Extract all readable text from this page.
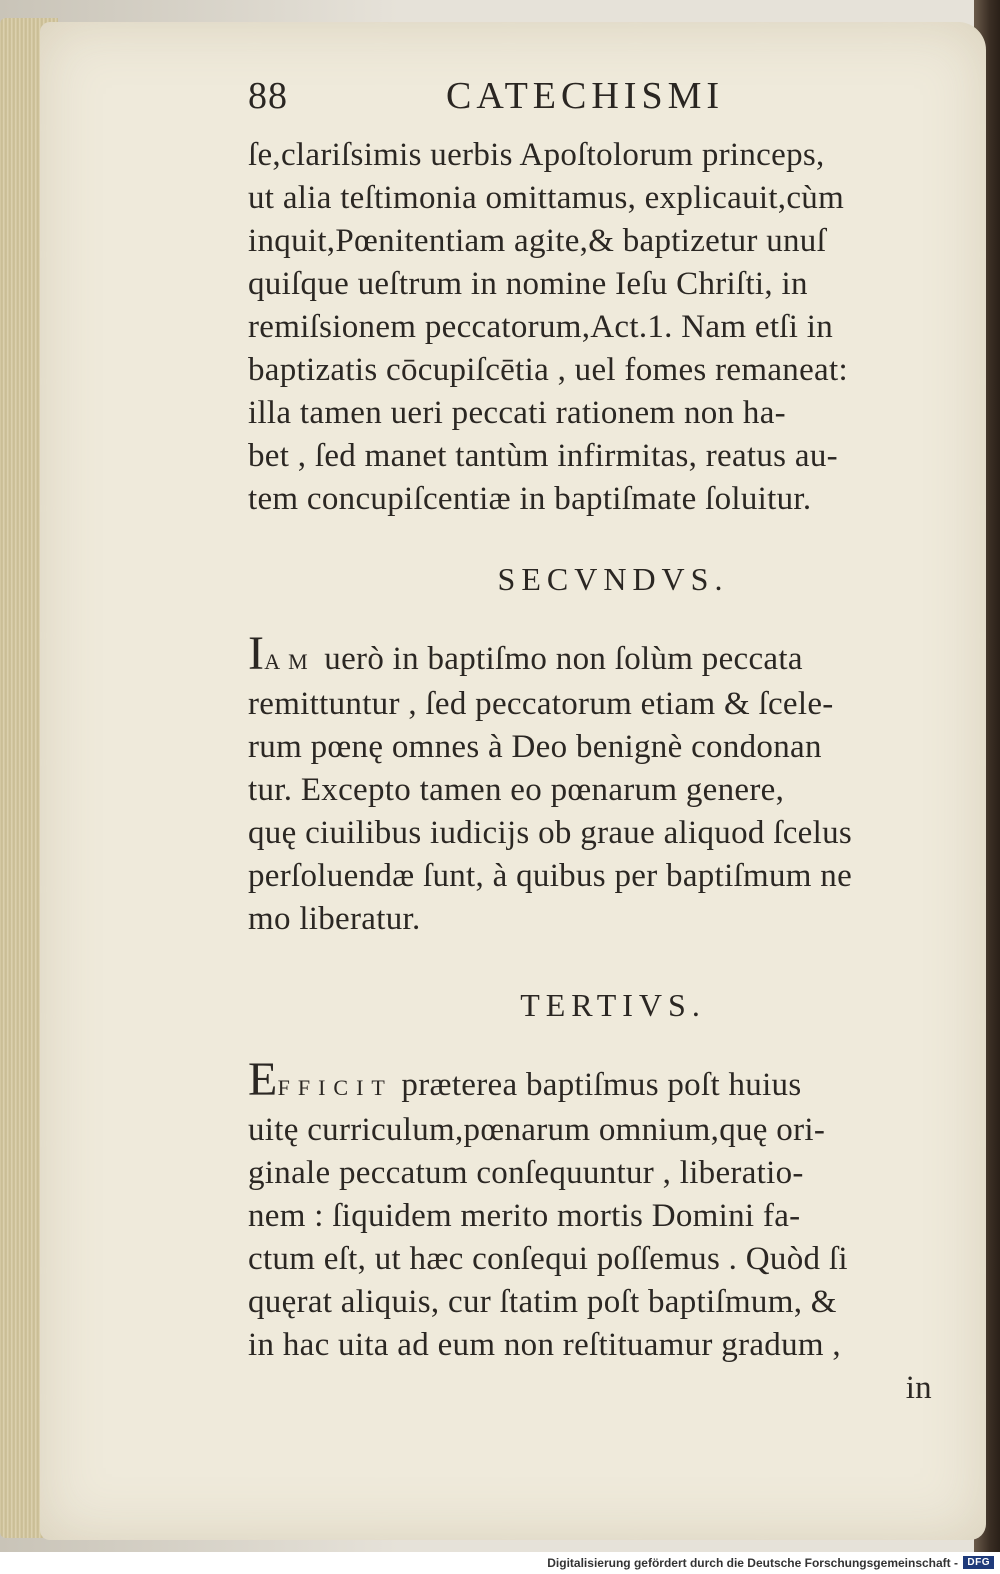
88	CATECHISMI
ſe,clariſsimis uerbis Apoſtolorum princeps,
ut alia teſtimonia omittamus, explicauit,cùm
inquit,Pœnitentiam agite,& baptizetur unuſ
quiſque ueſtrum in nomine Ieſu Chriſti, in
remiſsionem peccatorum,Act.1. Nam etſi in
baptizatis cōcupiſcētia , uel fomes remaneat:
illa tamen ueri peccati rationem non ha-
bet , ſed manet tantùm infirmitas, reatus au-
tem concupiſcentiæ in baptiſmate ſoluitur.
SECVNDVS.
IAM uerò in baptiſmo non ſolùm peccata
remittuntur , ſed peccatorum etiam & ſcele-
rum pœnę omnes à Deo benignè condonan
tur. Excepto tamen eo pœnarum genere,
quę ciuilibus iudicijs ob graue aliquod ſcelus
perſoluendæ ſunt, à quibus per baptiſmum ne
mo liberatur.
TERTIVS.
EFFICIT præterea baptiſmus poſt huius
uitę curriculum,pœnarum omnium,quę ori-
ginale peccatum conſequuntur , liberatio-
nem : ſiquidem merito mortis Domini fa-
ctum eſt, ut hæc conſequi poſſemus . Quòd ſi
quęrat aliquis, cur ſtatim poſt baptiſmum, &
in hac uita ad eum non reſtituamur gradum ,
in
Digitalisierung gefördert durch die Deutsche Forschungsgemeinschaft - DFG
